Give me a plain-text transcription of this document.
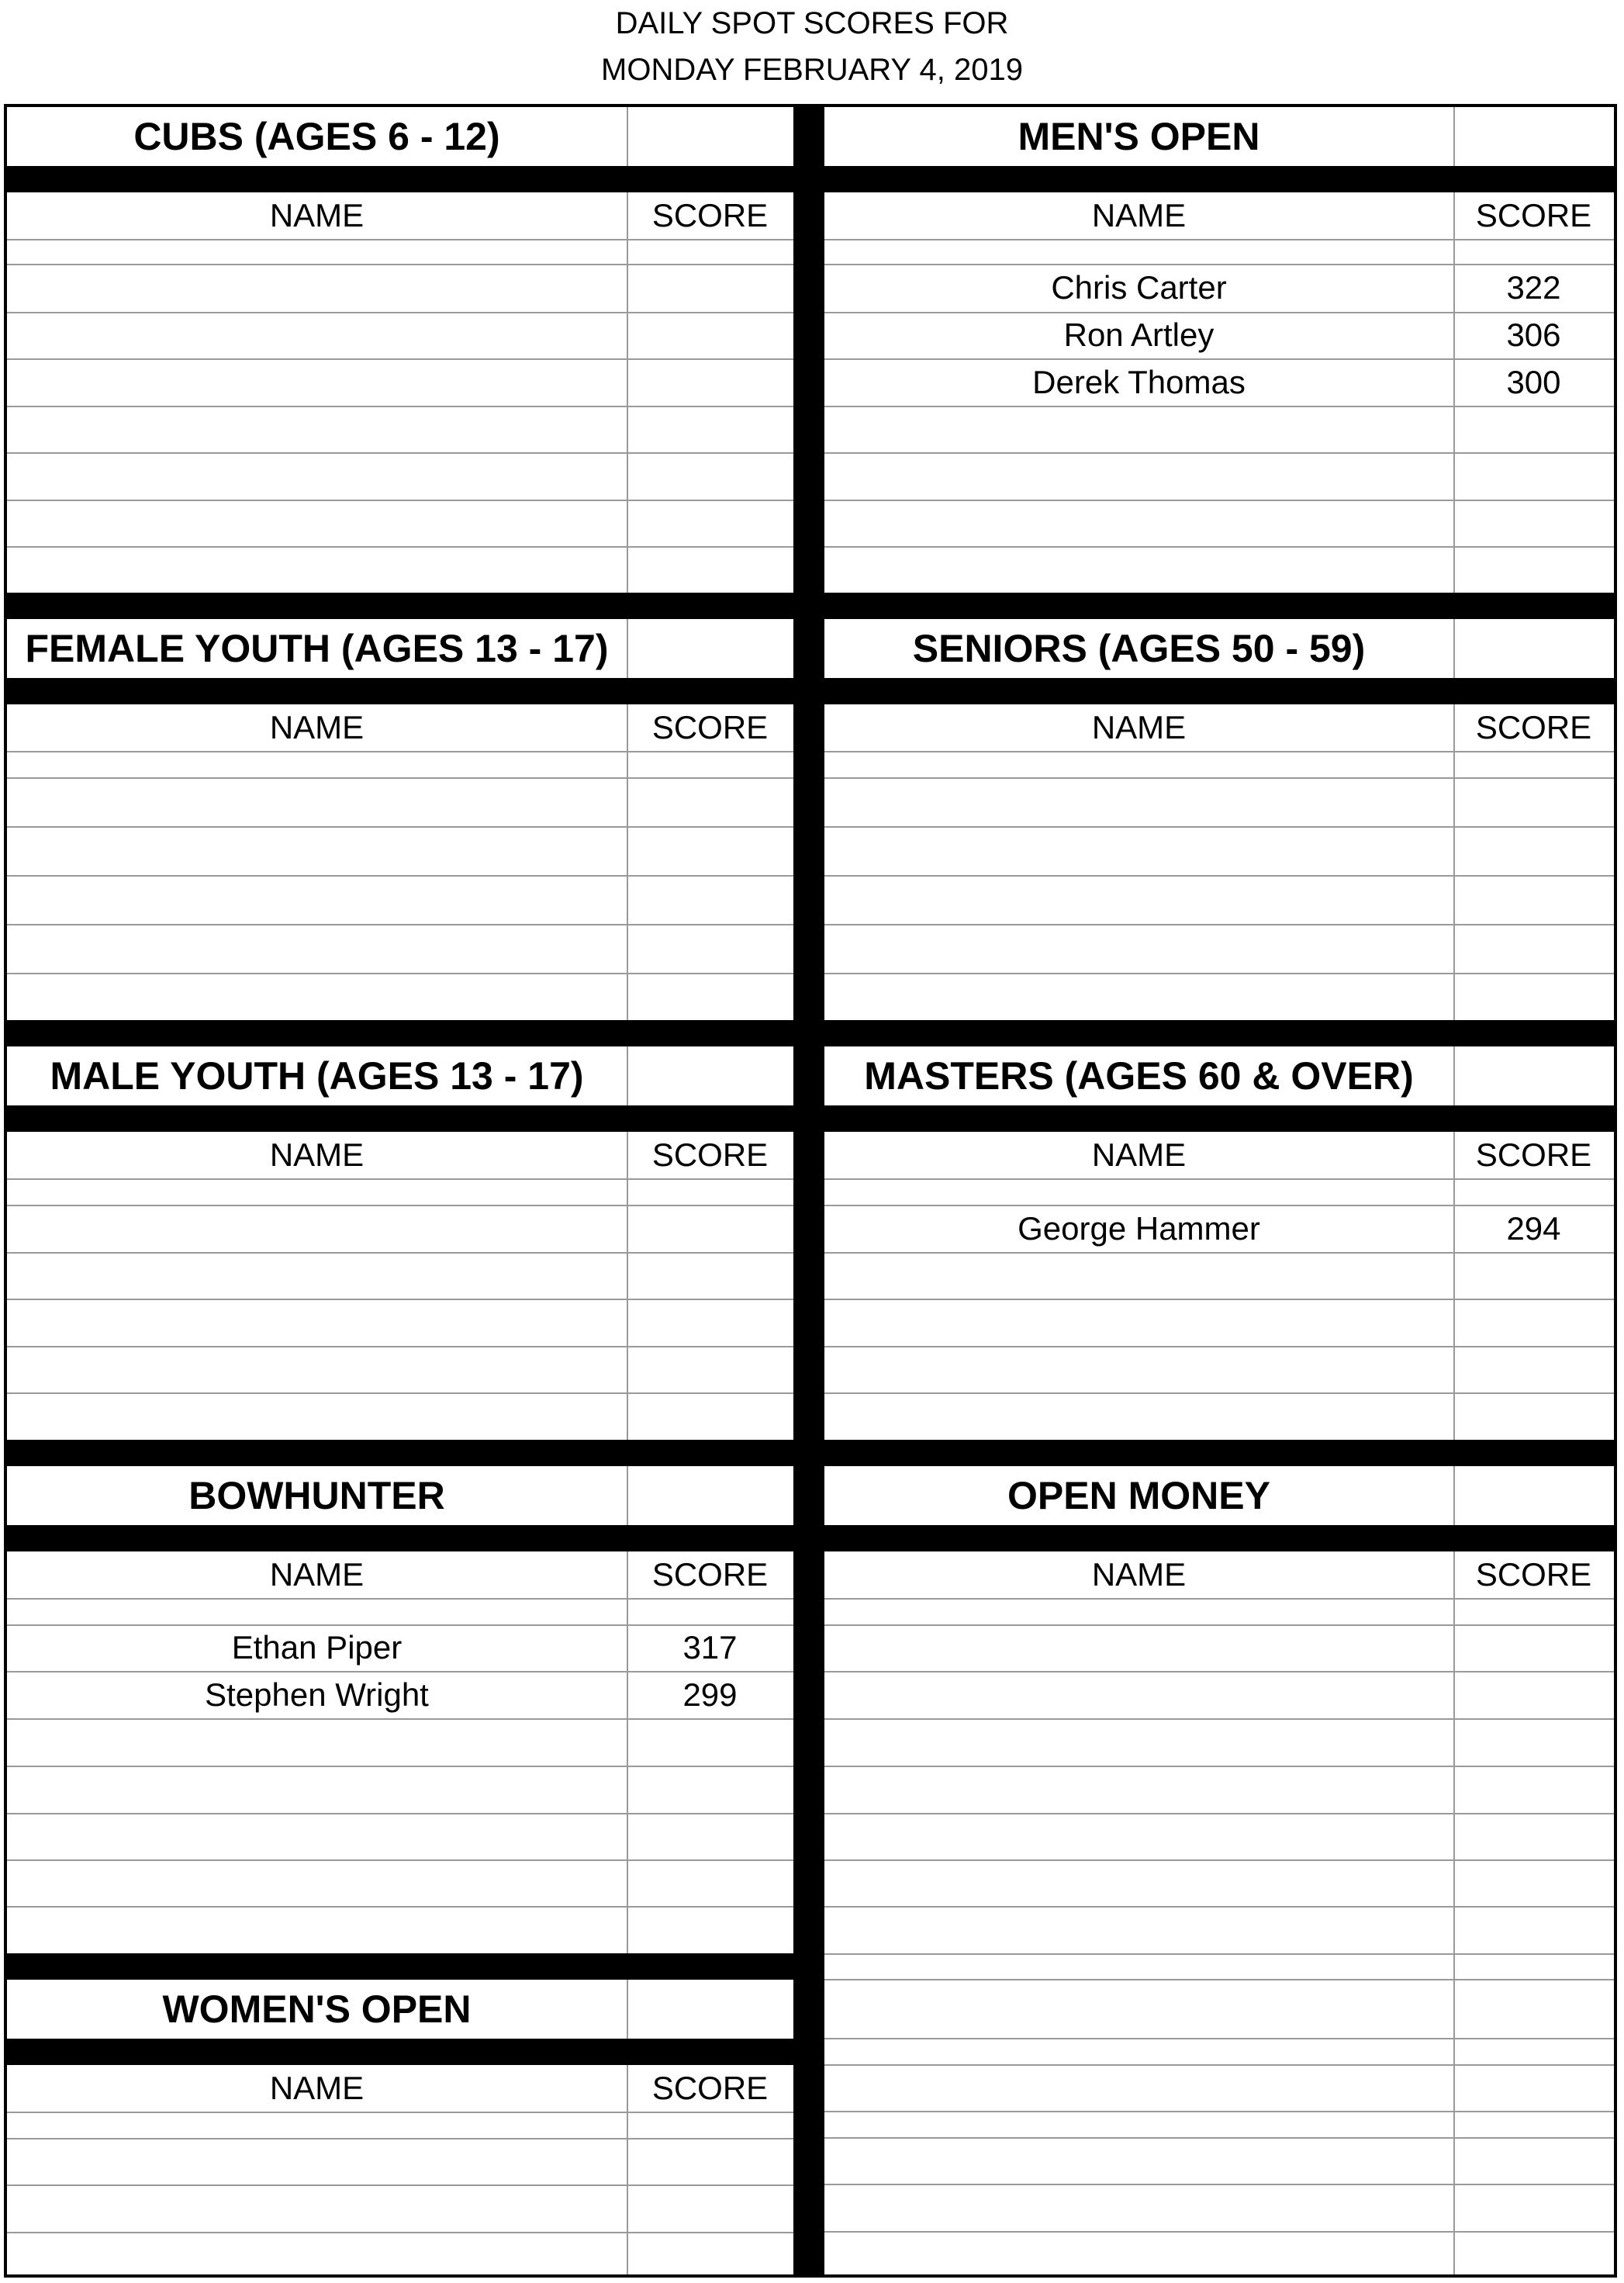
DAILY SPOT SCORES FOR
MONDAY FEBRUARY 4, 2019
CUBS (AGES 6 - 12)
NAME	SCORE
MEN'S OPEN
NAME	SCORE
Chris Carter	322
Ron Artley	306
Derek Thomas	300
FEMALE YOUTH (AGES 13 - 17)
NAME	SCORE
SENIORS (AGES 50 - 59)
NAME	SCORE
MALE YOUTH (AGES 13 - 17)
NAME	SCORE
MASTERS (AGES 60 & OVER)
NAME	SCORE
George Hammer	294
BOWHUNTER
NAME	SCORE
Ethan Piper	317
Stephen Wright	299
OPEN MONEY
NAME	SCORE
WOMEN'S OPEN
NAME	SCORE
